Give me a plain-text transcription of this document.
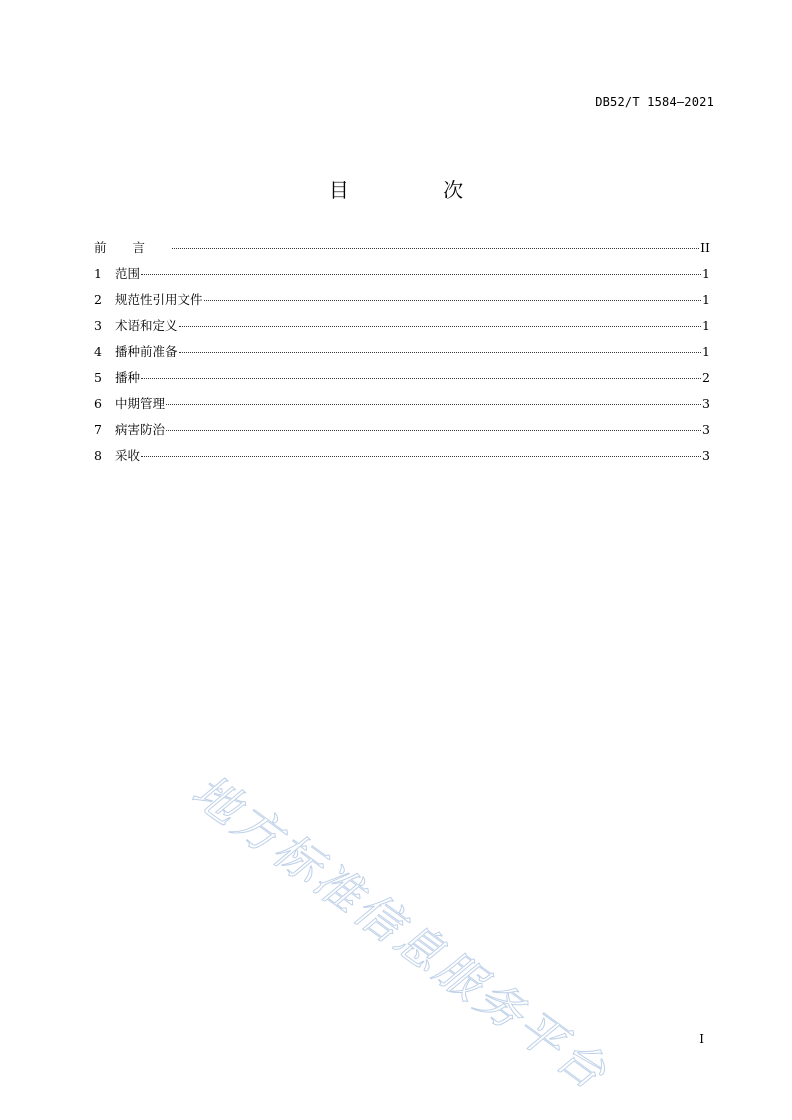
DB52/T 1584—2021
目 次
前言	II
1	范围	1
2	规范性引用文件	1
3	术语和定义	1
4	播种前准备	1
5	播种	2
6	中期管理	3
7	病害防治	3
8	采收	3
地方标准信息服务平台	I
